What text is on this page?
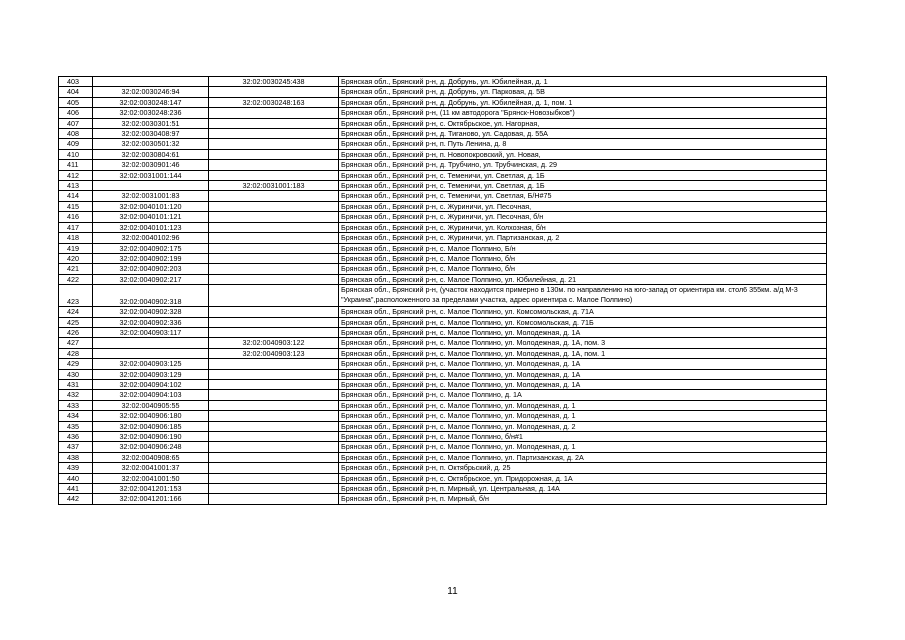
403		32:02:0030245:438	Брянская обл., Брянский р-н, д. Добрунь, ул. Юбилейная, д. 1
404	32:02:0030246:94		Брянская обл., Брянский р-н, д. Добрунь, ул. Парковая, д. 5В
405	32:02:0030248:147	32:02:0030248:163	Брянская обл., Брянский р-н, д. Добрунь, ул. Юбилейная, д. 1, пом. 1
406	32:02:0030248:236		Брянская обл., Брянский р-н, (11 км автодорога "Брянск-Новозыбков")
407	32:02:0030301:51		Брянская обл., Брянский р-н, с. Октябрьское, ул. Нагорная,
408	32:02:0030408:97		Брянская обл., Брянский р-н, д. Тиганово, ул. Садовая, д. 55А
409	32:02:0030501:32		Брянская обл., Брянский р-н, п. Путь Ленина, д. 8
410	32:02:0030804:61		Брянская обл., Брянский р-н, п. Новопокровский, ул. Новая,
411	32:02:0030901:46		Брянская обл., Брянский р-н, д. Трубчино, ул. Трубчинская, д. 29
412	32:02:0031001:144		Брянская обл., Брянский р-н, с. Теменичи, ул. Светлая, д. 1Б
413		32:02:0031001:183	Брянская обл., Брянский р-н, с. Теменичи, ул. Светлая, д. 1Б
414	32:02:0031001:83		Брянская обл., Брянский р-н, с. Теменичи, ул. Светлая, Б/Н#75
415	32:02:0040101:120		Брянская обл., Брянский р-н, с. Журиничи, ул. Песочная,
416	32:02:0040101:121		Брянская обл., Брянский р-н, с. Журиничи, ул. Песочная, б/н
417	32:02:0040101:123		Брянская обл., Брянский р-н, с. Журиничи, ул. Колхозная, б/н
418	32:02:0040102:96		Брянская обл., Брянский р-н, с. Журиничи, ул. Партизанская, д. 2
419	32:02:0040902:175		Брянская обл., Брянский р-н, с. Малое Полпино, Б/н
420	32:02:0040902:199		Брянская обл., Брянский р-н, с. Малое Полпино, б/н
421	32:02:0040902:203		Брянская обл., Брянский р-н, с. Малое Полпино, б/н
422	32:02:0040902:217		Брянская обл., Брянский р-н, с. Малое Полпино, ул. Юбилейная, д. 21
423	32:02:0040902:318		Брянская обл., Брянский р-н, (участок находится примерно в 130м. по направлению на юго-запад от ориентира км. стол6 355км. а/д М-3 "Украина",расположенного за пределами участка, адрес ориентира с. Малое Полпино)
424	32:02:0040902:328		Брянская обл., Брянский р-н, с. Малое Полпино, ул. Комсомольская, д. 71А
425	32:02:0040902:336		Брянская обл., Брянский р-н, с. Малое Полпино, ул. Комсомольская, д. 71Б
426	32:02:0040903:117		Брянская обл., Брянский р-н, с. Малое Полпино, ул. Молодежная, д. 1А
427		32:02:0040903:122	Брянская обл., Брянский р-н, с. Малое Полпино, ул. Молодежная, д. 1А, пом. 3
428		32:02:0040903:123	Брянская обл., Брянский р-н, с. Малое Полпино, ул. Молодежная, д. 1А, пом. 1
429	32:02:0040903:125		Брянская обл., Брянский р-н, с. Малое Полпино, ул. Молодежная, д. 1А
430	32:02:0040903:129		Брянская обл., Брянский р-н, с. Малое Полпино, ул. Молодежная, д. 1А
431	32:02:0040904:102		Брянская обл., Брянский р-н, с. Малое Полпино, ул. Молодежная, д. 1А
432	32:02:0040904:103		Брянская обл., Брянский р-н, с. Малое Полпино, д. 1А
433	32:02:0040905:55		Брянская обл., Брянский р-н, с. Малое Полпино, ул. Молодежная, д. 1
434	32:02:0040906:180		Брянская обл., Брянский р-н, с. Малое Полпино, ул. Молодежная, д. 1
435	32:02:0040906:185		Брянская обл., Брянский р-н, с. Малое Полпино, ул. Молодежная, д. 2
436	32:02:0040906:190		Брянская обл., Брянский р-н, с. Малое Полпино, б/н#1
437	32:02:0040906:248		Брянская обл., Брянский р-н, с. Малое Полпино, ул. Молодежная, д. 1
438	32:02:0040908:65		Брянская обл., Брянский р-н, с. Малое Полпино, ул. Партизанская, д. 2А
439	32:02:0041001:37		Брянская обл., Брянский р-н, п. Октябрьский, д. 25
440	32:02:0041001:50		Брянская обл., Брянский р-н, с. Октябрьское, ул. Придорожная, д. 1А
441	32:02:0041201:153		Брянская обл., Брянский р-н, п. Мирный, ул. Центральная, д. 14А
442	32:02:0041201:166		Брянская обл., Брянский р-н, п. Мирный, б/н
11
